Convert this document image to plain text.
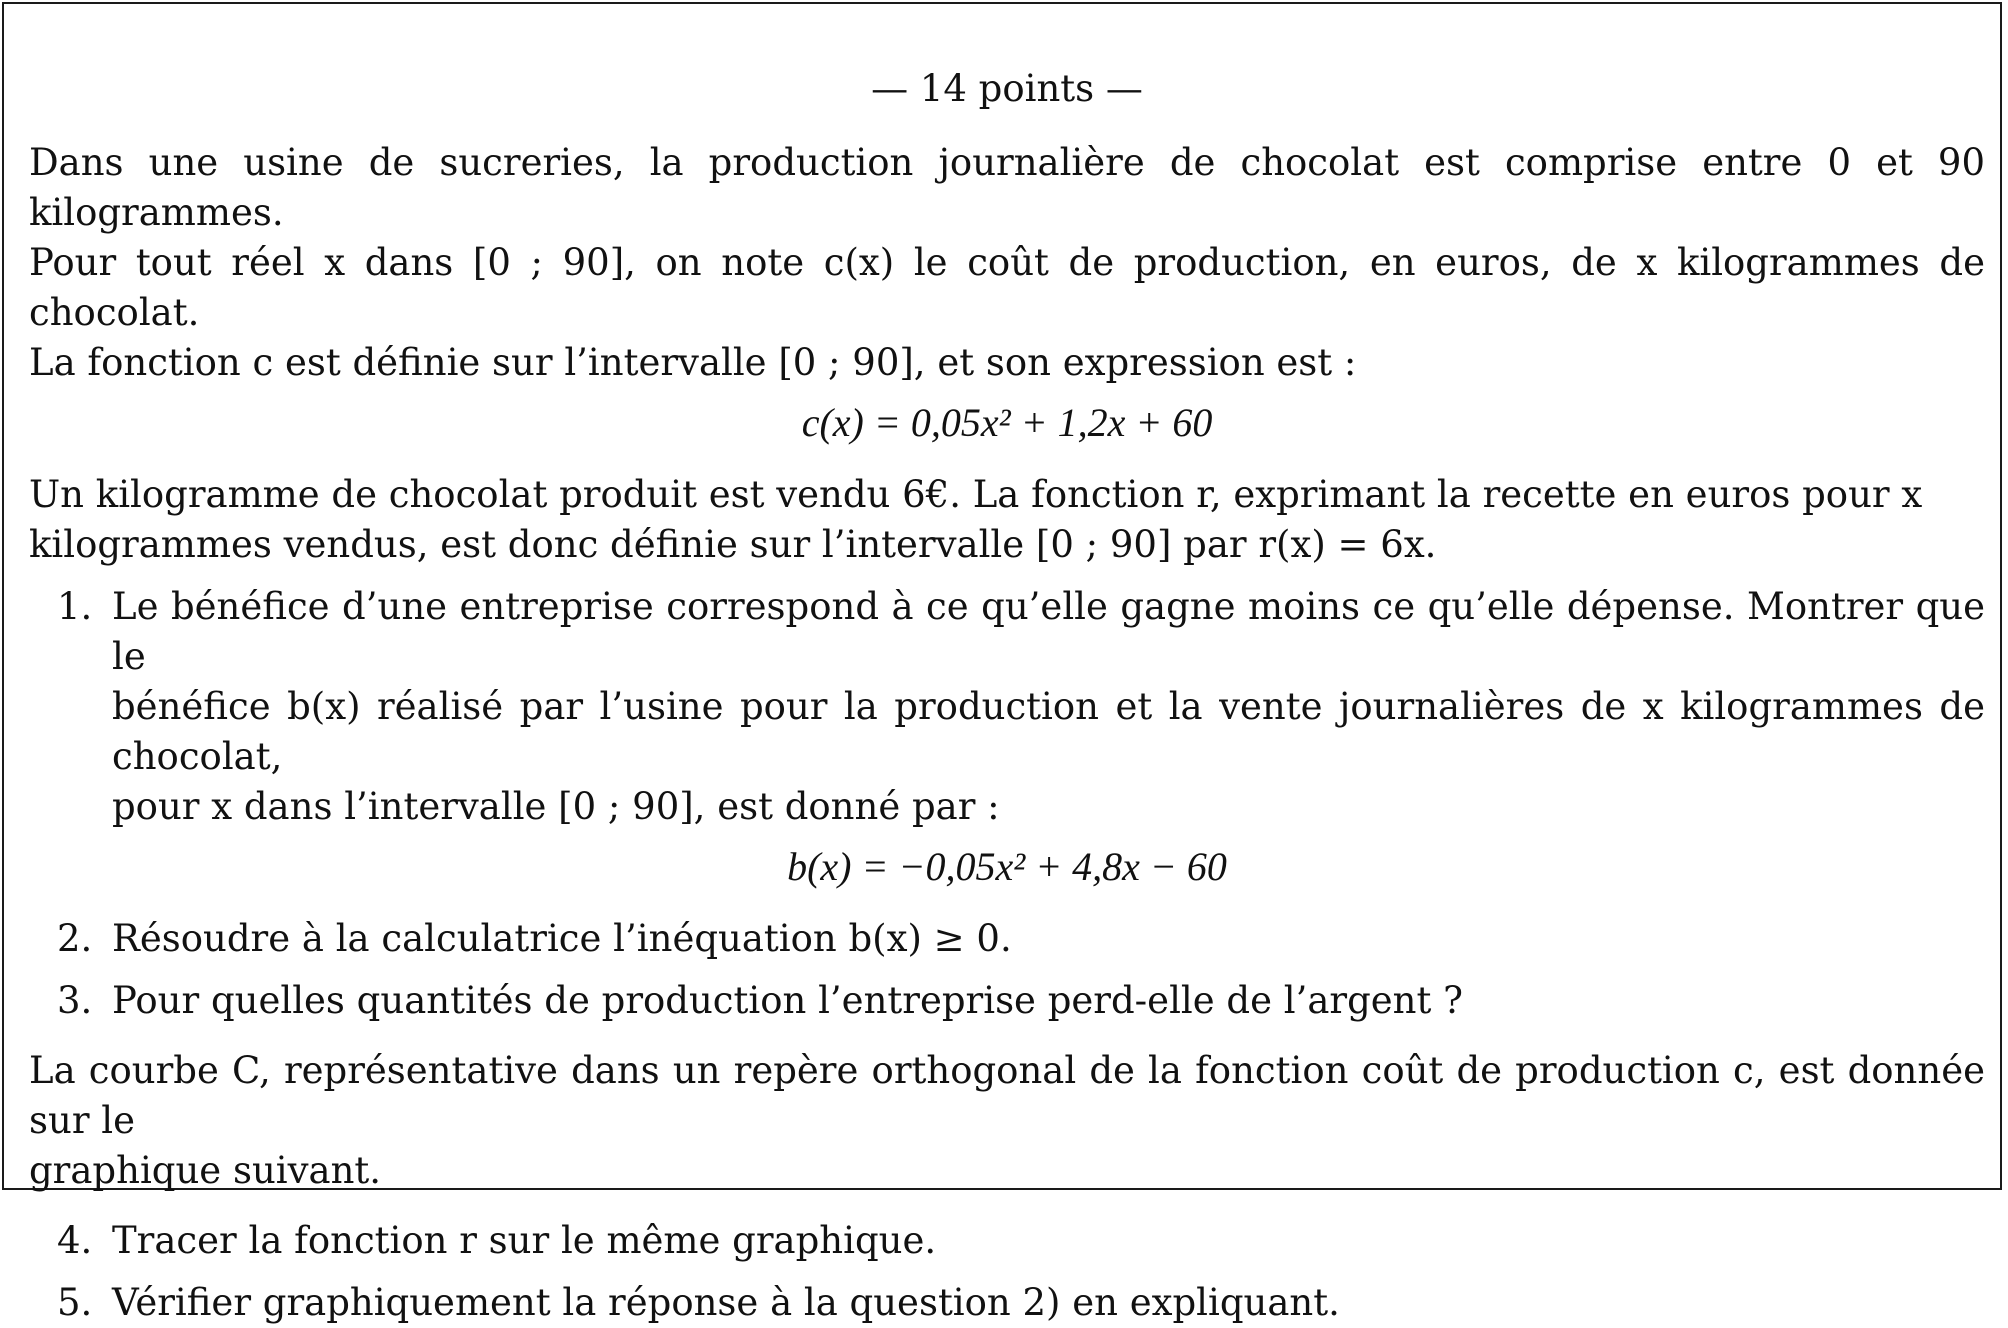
— 14 points —

Dans une usine de sucreries, la production journalière de chocolat est comprise entre 0 et 90 kilogrammes.
Pour tout réel x dans [0 ; 90], on note c(x) le coût de production, en euros, de x kilogrammes de chocolat.
La fonction c est définie sur l’intervalle [0 ; 90], et son expression est :
c(x) = 0,05x² + 1,2x + 60
Un kilogramme de chocolat produit est vendu 6€. La fonction r, exprimant la recette en euros pour x
kilogrammes vendus, est donc définie sur l’intervalle [0 ; 90] par r(x) = 6x.
1. Le bénéfice d’une entreprise correspond à ce qu’elle gagne moins ce qu’elle dépense. Montrer que le
bénéfice b(x) réalisé par l’usine pour la production et la vente journalières de x kilogrammes de chocolat,
pour x dans l’intervalle [0 ; 90], est donné par :
b(x) = −0,05x² + 4,8x − 60
2. Résoudre à la calculatrice l’inéquation b(x) ≥ 0.
3. Pour quelles quantités de production l’entreprise perd-elle de l’argent ?
La courbe C, représentative dans un repère orthogonal de la fonction coût de production c, est donnée sur le
graphique suivant.
4. Tracer la fonction r sur le même graphique.
5. Vérifier graphiquement la réponse à la question 2) en expliquant.
